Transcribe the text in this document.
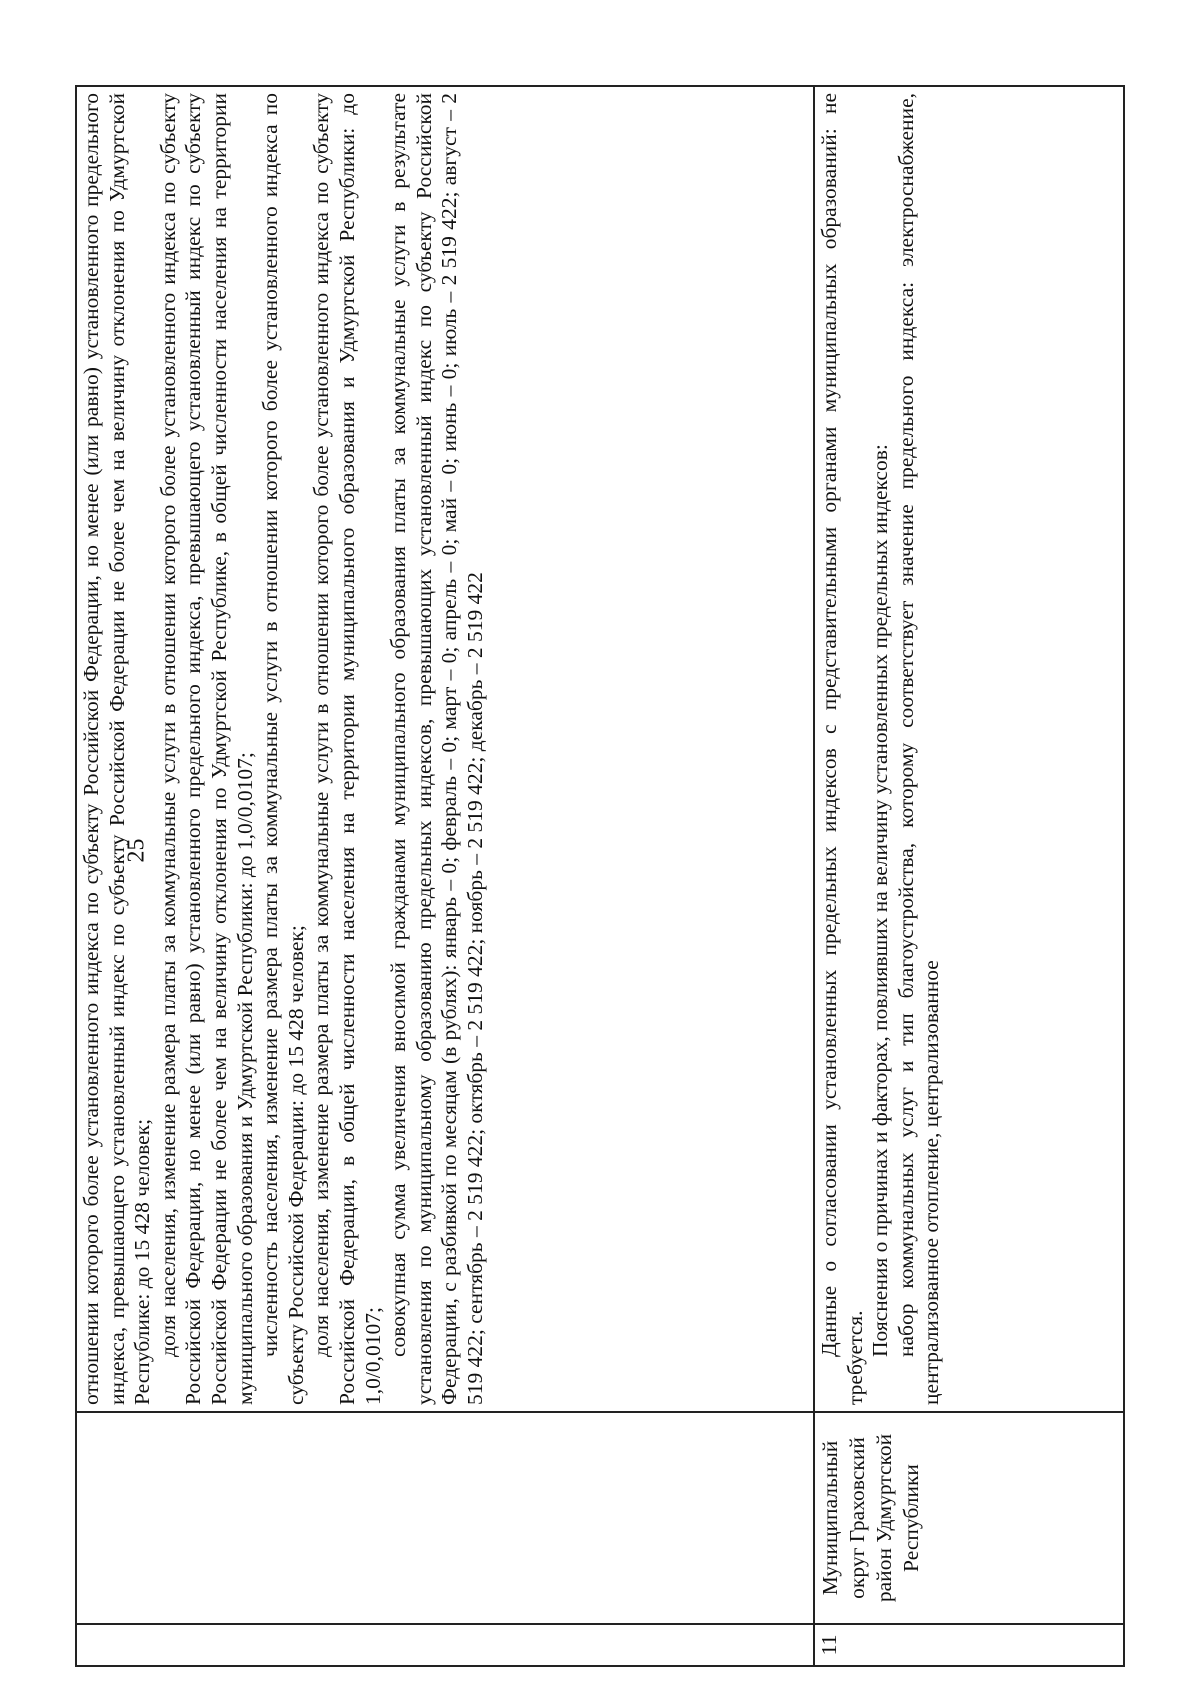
25

		отношении которого более установленного индекса по субъекту Российской Федерации, но менее (или равно) установленного предельного индекса, превышающего установленный индекс по субъекту Российской Федерации не более чем на величину отклонения по Удмуртской Республике: до 15 428 человек; доля населения, изменение размера платы за коммунальные услуги в отношении которого более установленного индекса по субъекту Российской Федерации, но менее (или равно) установленного предельного индекса, превышающего установленный индекс по субъекту Российской Федерации не более чем на величину отклонения по Удмуртской Республике, в общей численности населения на территории муниципального образования и Удмуртской Республики: до 1,0/0,0107; численность населения, изменение размера платы за коммунальные услуги в отношении которого более установленного индекса по субъекту Российской Федерации: до 15 428 человек; доля населения, изменение размера платы за коммунальные услуги в отношении которого более установленного индекса по субъекту Российской Федерации, в общей численности населения на территории муниципального образования и Удмуртской Республики: до 1,0/0,0107; совокупная сумма увеличения вносимой гражданами муниципального образования платы за коммунальные услуги в результате установления по муниципальному образованию предельных индексов, превышающих установленный индекс по субъекту Российской Федерации, с разбивкой по месяцам (в рублях): январь – 0; февраль – 0; март – 0; апрель – 0; май – 0; июнь – 0; июль – 2 519 422; август – 2 519 422; сентябрь – 2 519 422; октябрь – 2 519 422; ноябрь – 2 519 422; декабрь – 2 519 422

11	Муниципальный округ Граховский район Удмуртской Республики	Данные о согласовании установленных предельных индексов с представительными органами муниципальных образований: не требуется.

Пояснения о причинах и факторах, повлиявших на величину установленных предельных индексов: набор коммунальных услуг и тип благоустройства, которому соответствует значение предельного индекса: электроснабжение, централизованное отопление, централизованное
